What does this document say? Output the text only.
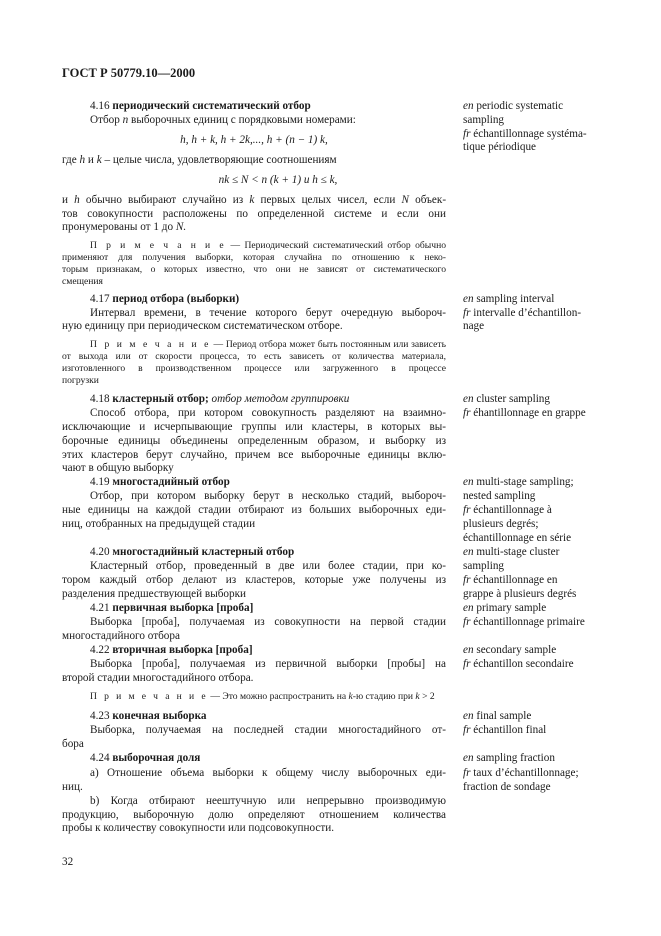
ГОСТ Р 50779.10—2000
4.16 периодический систематический отбор
Отбор n выборочных единиц с порядковыми номерами:
h, h + k, h + 2k,..., h + (n − 1) k,
где h и k – целые числа, удовлетворяющие соотношениям
nk ≤ N < n (k + 1) и h ≤ k,
и h обычно выбирают случайно из k первых целых чисел, если N объек-
тов совокупности расположены по определенной системе и если они
пронумерованы от 1 до N.
П р и м е ч а н и е — Периодический систематический отбор обычно
применяют для получения выборки, которая случайна по отношению к неко-
торым признакам, о которых известно, что они не зависят от систематического
смещения
en periodic systematic
sampling
fr échantillonnage systéma-
tique périodique
4.17 период отбора (выборки)
Интервал времени, в течение которого берут очередную выбороч-
ную единицу при периодическом систематическом отборе.
П р и м е ч а н и е — Период отбора может быть постоянным или зависеть
от выхода или от скорости процесса, то есть зависеть от количества материала,
изготовленного в производственном процессе или загруженного в процессе
погрузки
en sampling interval
fr intervalle d’échantillon-
nage
4.18 кластерный отбор; отбор методом группировки
Способ отбора, при котором совокупность разделяют на взаимно-
исключающие и исчерпывающие группы или кластеры, в которых вы-
борочные единицы объединены определенным образом, и выборку из
этих кластеров берут случайно, причем все выборочные единицы вклю-
чают в общую выборку
en cluster sampling
fr éhantillonnage en grappe
4.19 многостадийный отбор
Отбор, при котором выборку берут в несколько стадий, выбороч-
ные единицы на каждой стадии отбирают из больших выборочных еди-
ниц, отобранных на предыдущей стадии
en multi-stage sampling;
nested sampling
fr échantillonnage à
plusieurs degrés;
échantillonnage en série
4.20 многостадийный кластерный отбор
Кластерный отбор, проведенный в две или более стадии, при ко-
тором каждый отбор делают из кластеров, которые уже получены из
разделения предшествующей выборки
en multi-stage cluster
sampling
fr échantillonnage en
grappe à plusieurs degrés
4.21 первичная выборка [проба]
Выборка [проба], получаемая из совокупности на первой стадии
многостадийного отбора
en primary sample
fr échantillonnage primaire
4.22 вторичная выборка [проба]
Выборка [проба], получаемая из первичной выборки [пробы] на
второй стадии многостадийного отбора.
П р и м е ч а н и е — Это можно распространить на k-ю стадию при k > 2
en secondary sample
fr échantillon secondaire
4.23 конечная выборка
Выборка, получаемая на последней стадии многостадийного от-
бора
en final sample
fr échantillon final
4.24 выборочная доля
a) Отношение объема выборки к общему числу выборочных еди-
ниц.
b) Когда отбирают неештучную или непрерывно производимую
продукцию, выборочную долю определяют отношением количества
пробы к количеству совокупности или подсовокупности.
en sampling fraction
fr taux d’échantillonnage;
fraction de sondage
32
